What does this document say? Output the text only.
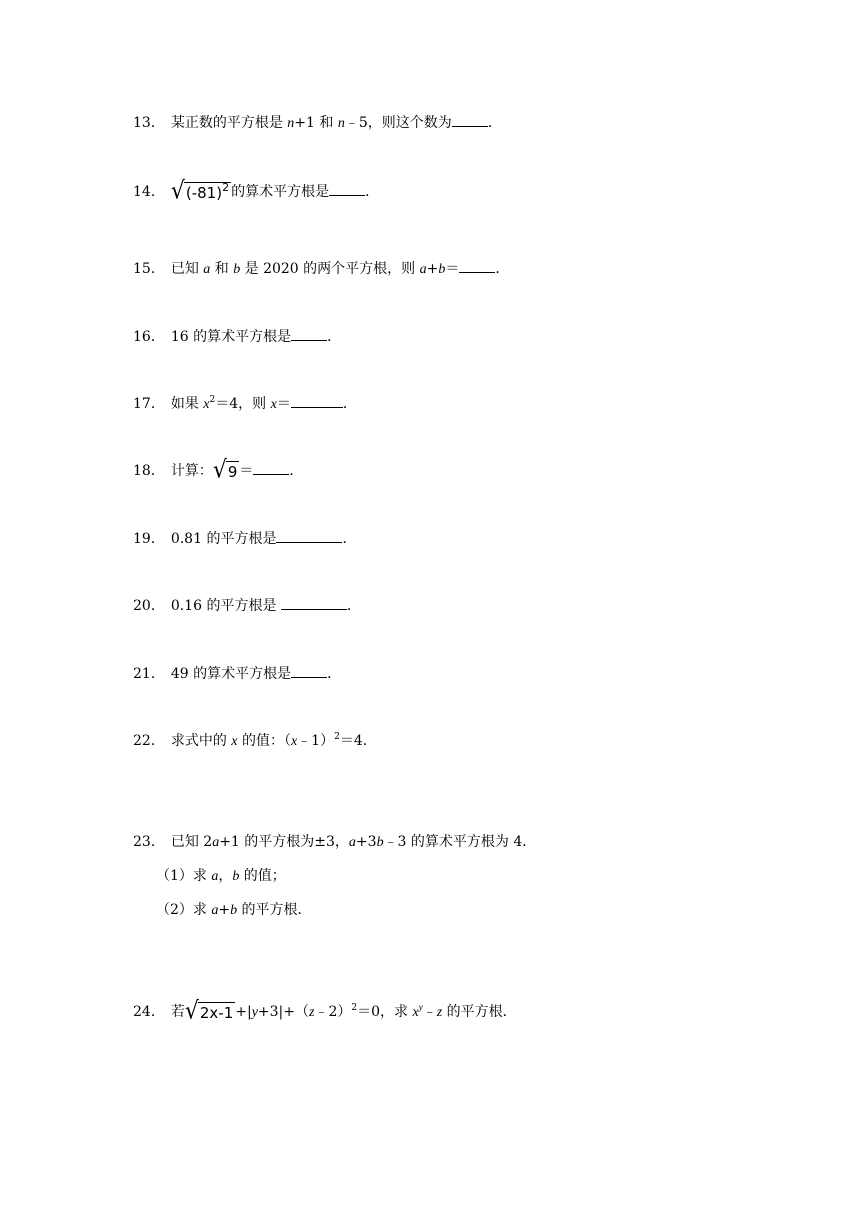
13． 某正数的平方根是 n+1 和 n﹣5，则这个数为	．
14． √ $(-81)^2$ 的算术平方根是	．
15． 已知 a 和 b 是 2020 的两个平方根，则 a+b＝	．
16． 16 的算术平方根是	．
17． 如果 $x^2=4$，则 x＝	．
18． 计算： √ 9 ＝	．
19． 0.81 的平方根是	．
20． 0.16 的平方根是	．
21． 49 的算术平方根是	．
22． 求式中的 x 的值：（x﹣1）$^2$＝4．
23． 已知 2a+1 的平方根为±3，a+3b﹣3 的算术平方根为 4．
（1）求 a，b 的值；
（2）求 a+b 的平方根．
24． 若 √ 2x-1 +|y+3|+（z﹣2）$^2$＝0，求 $x^y﹣z$ 的平方根．
